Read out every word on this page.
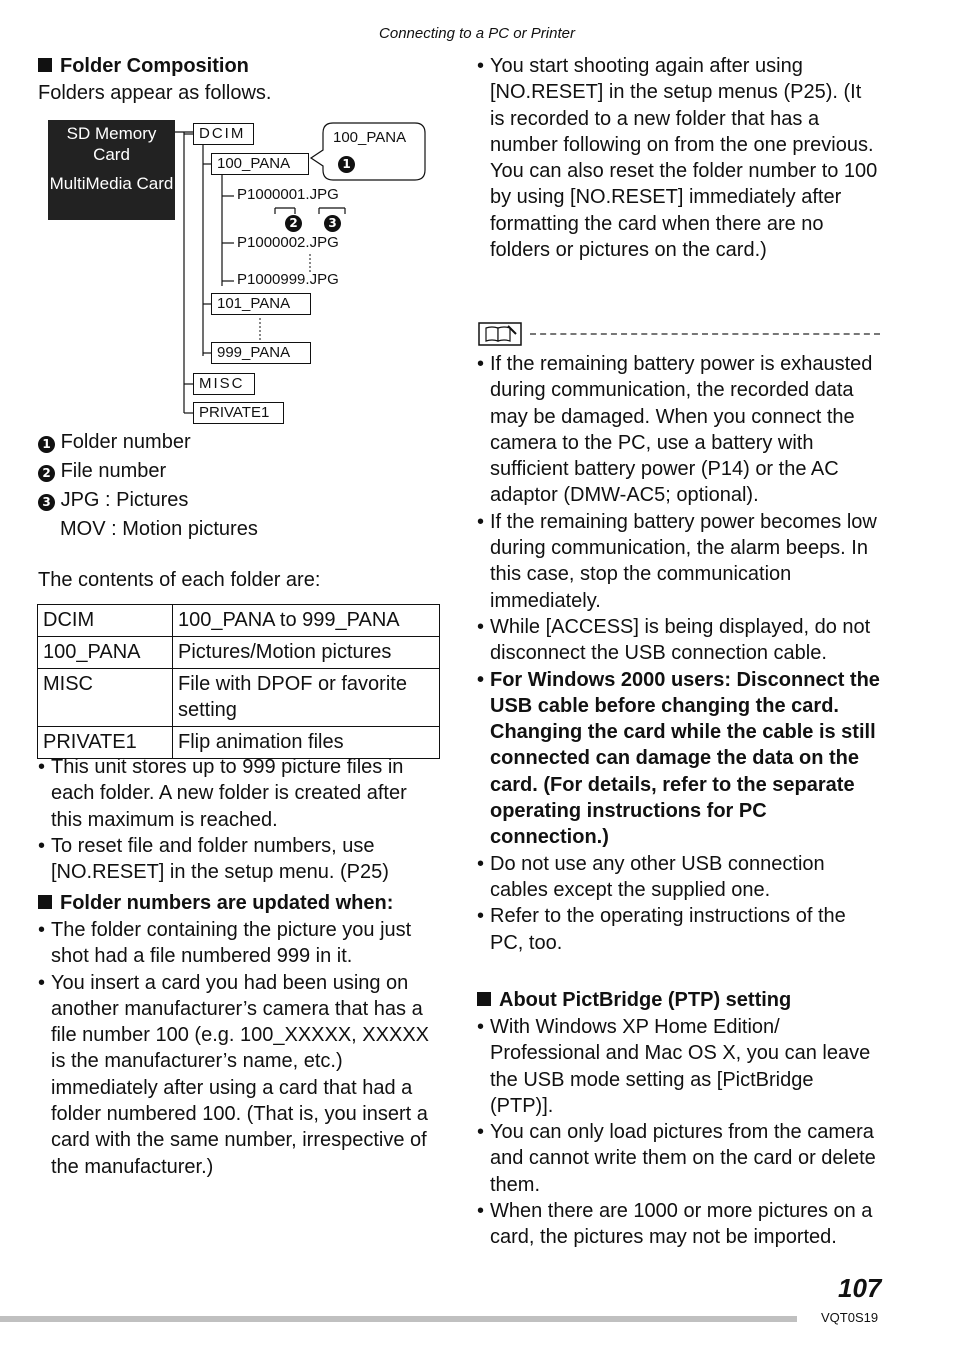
Connecting to a PC or Printer
Folder Composition
Folders appear as follows.
SD Memory Card
MultiMedia Card
DCIM
100_PANA
P1000001.JPG
2	3
P1000002.JPG
P1000999.JPG
101_PANA
999_PANA
MISC
PRIVATE1
100_PANA
1
1 Folder number
2 File number
3 JPG : Pictures
MOV : Motion pictures
The contents of each folder are:
DCIM	100_PANA to 999_PANA
100_PANA	Pictures/Motion pictures
MISC	File with DPOF or favorite setting
PRIVATE1	Flip animation files
• This unit stores up to 999 picture files in each folder. A new folder is created after this maximum is reached.
• To reset file and folder numbers, use [NO.RESET] in the setup menu. (P25)
Folder numbers are updated when:
• The folder containing the picture you just shot had a file numbered 999 in it.
• You insert a card you had been using on another manufacturer’s camera that has a file number 100 (e.g. 100_XXXXX, XXXXX is the manufacturer’s name, etc.) immediately after using a card that had a folder numbered 100. (That is, you insert a card with the same number, irrespective of the manufacturer.)
• You start shooting again after using [NO.RESET] in the setup menus (P25). (It is recorded to a new folder that has a number following on from the one previous. You can also reset the folder number to 100 by using [NO.RESET] immediately after formatting the card when there are no folders or pictures on the card.)
• If the remaining battery power is exhausted during communication, the recorded data may be damaged. When you connect the camera to the PC, use a battery with sufficient battery power (P14) or the AC adaptor (DMW-AC5; optional).
• If the remaining battery power becomes low during communication, the alarm beeps. In this case, stop the communication immediately.
• While [ACCESS] is being displayed, do not disconnect the USB connection cable.
• For Windows 2000 users: Disconnect the USB cable before changing the card. Changing the card while the cable is still connected can damage the data on the card. (For details, refer to the separate operating instructions for PC connection.)
• Do not use any other USB connection cables except the supplied one.
• Refer to the operating instructions of the PC, too.
About PictBridge (PTP) setting
• With Windows XP Home Edition/ Professional and Mac OS X, you can leave the USB mode setting as [PictBridge (PTP)].
• You can only load pictures from the camera and cannot write them on the card or delete them.
• When there are 1000 or more pictures on a card, the pictures may not be imported.
107
VQT0S19
